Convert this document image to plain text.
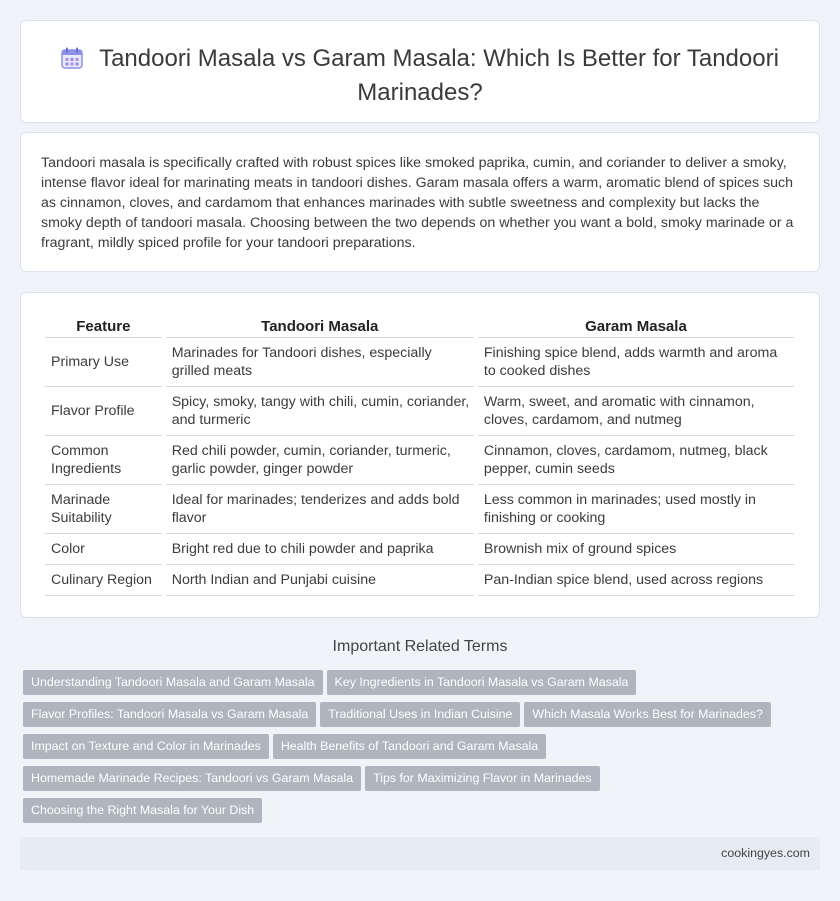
Tandoori Masala vs Garam Masala: Which Is Better for Tandoori Marinades?

Tandoori masala is specifically crafted with robust spices like smoked paprika, cumin, and coriander to deliver a smoky, intense flavor ideal for marinating meats in tandoori dishes. Garam masala offers a warm, aromatic blend of spices such as cinnamon, cloves, and cardamom that enhances marinades with subtle sweetness and complexity but lacks the smoky depth of tandoori masala. Choosing between the two depends on whether you want a bold, smoky marinade or a fragrant, mildly spiced profile for your tandoori preparations.

Feature	Tandoori Masala	Garam Masala
Primary Use	Marinades for Tandoori dishes, especially grilled meats	Finishing spice blend, adds warmth and aroma to cooked dishes
Flavor Profile	Spicy, smoky, tangy with chili, cumin, coriander, and turmeric	Warm, sweet, and aromatic with cinnamon, cloves, cardamom, and nutmeg
Common Ingredients	Red chili powder, cumin, coriander, turmeric, garlic powder, ginger powder	Cinnamon, cloves, cardamom, nutmeg, black pepper, cumin seeds
Marinade Suitability	Ideal for marinades; tenderizes and adds bold flavor	Less common in marinades; used mostly in finishing or cooking
Color	Bright red due to chili powder and paprika	Brownish mix of ground spices
Culinary Region	North Indian and Punjabi cuisine	Pan-Indian spice blend, used across regions
Important Related Terms
Understanding Tandoori Masala and Garam Masala Key Ingredients in Tandoori Masala vs Garam Masala
Flavor Profiles: Tandoori Masala vs Garam Masala Traditional Uses in Indian Cuisine Which Masala Works Best for Marinades?
Impact on Texture and Color in Marinades Health Benefits of Tandoori and Garam Masala
Homemade Marinade Recipes: Tandoori vs Garam Masala Tips for Maximizing Flavor in Marinades
Choosing the Right Masala for Your Dish
cookingyes.com
